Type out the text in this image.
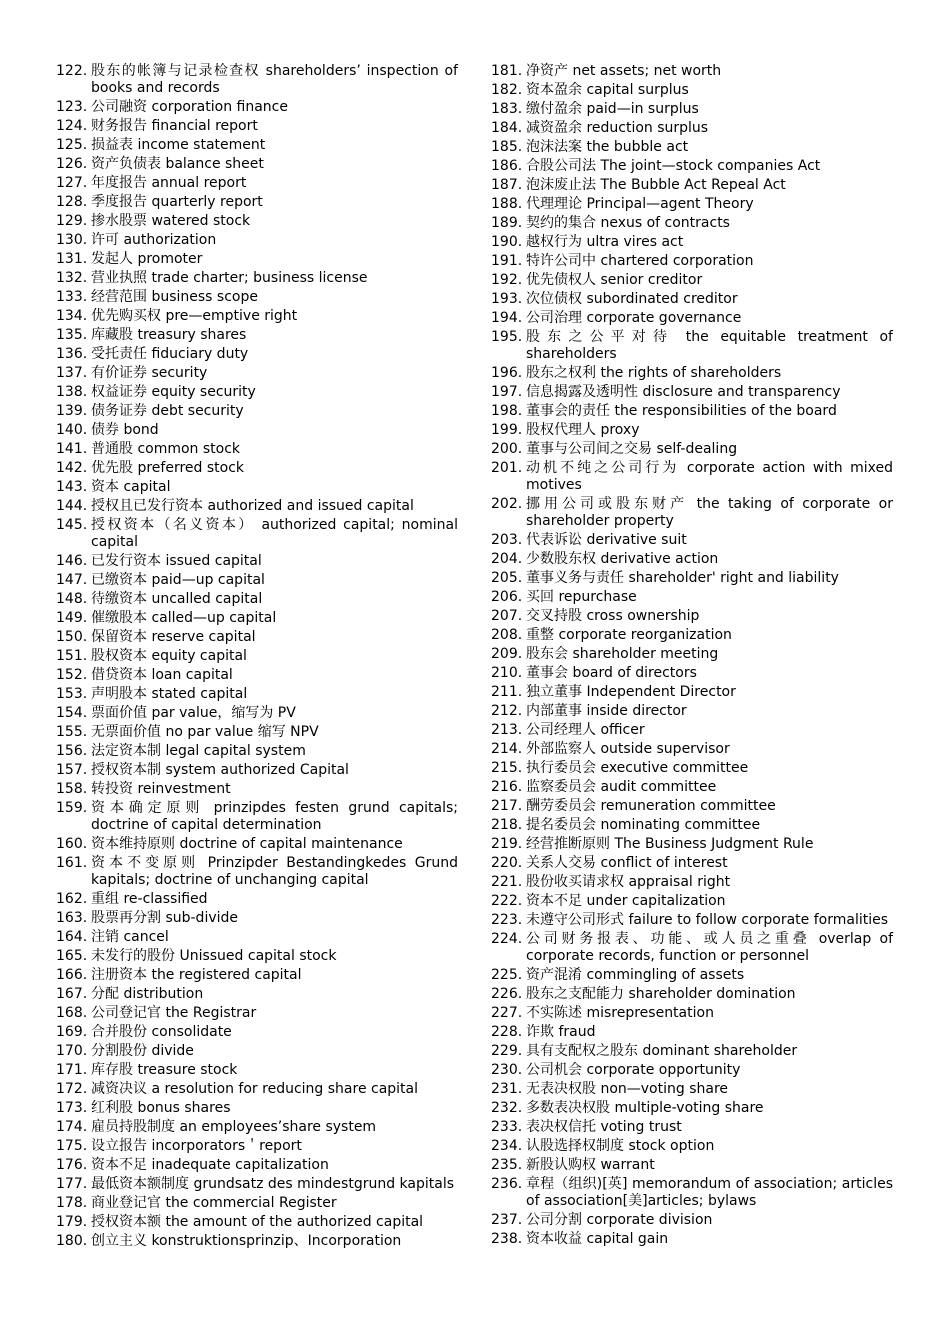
122. 股东的帐簿与记录检查权 shareholders’ inspection of books and records
123. 公司融资 corporation finance
124. 财务报告 financial report
125. 损益表 income statement
126. 资产负债表 balance sheet
127. 年度报告 annual report
128. 季度报告 quarterly report
129. 掺水股票 watered stock
130. 许可 authorization
131. 发起人 promoter
132. 营业执照 trade charter; business license
133. 经营范围 business scope
134. 优先购买权 pre—emptive right
135. 库藏股 treasury shares
136. 受托责任 fiduciary duty
137. 有价证券 security
138. 权益证券 equity security
139. 债务证券 debt security
140. 债券 bond
141. 普通股 common stock
142. 优先股 preferred stock
143. 资本 capital
144. 授权且已发行资本 authorized and issued capital
145. 授权资本（名义资本） authorized capital; nominal capital
146. 已发行资本 issued capital
147. 已缴资本 paid—up capital
148. 待缴资本 uncalled capital
149. 催缴股本 called—up capital
150. 保留资本 reserve capital
151. 股权资本 equity capital
152. 借贷资本 loan capital
153. 声明股本 stated capital
154. 票面价值 par value，缩写为 PV
155. 无票面价值 no par value 缩写 NPV
156. 法定资本制 legal capital system
157. 授权资本制 system authorized Capital
158. 转投资 reinvestment
159. 资本确定原则 prinzipdes festen grund capitals; doctrine of capital determination
160. 资本维持原则 doctrine of capital maintenance
161. 资本不变原则 Prinzipder Bestandingkedes Grund kapitals; doctrine of unchanging capital
162. 重组 re-classified
163. 股票再分割 sub-divide
164. 注销 cancel
165. 未发行的股份 Unissued capital stock
166. 注册资本 the registered capital
167. 分配 distribution
168. 公司登记官 the Registrar
169. 合并股份 consolidate
170. 分割股份 divide
171. 库存股 treasure stock
172. 减资决议 a resolution for reducing share capital
173. 红利股 bonus shares
174. 雇员持股制度 an employees’share system
175. 设立报告 incorporators＇report
176. 资本不足 inadequate capitalization
177. 最低资本额制度 grundsatz des mindestgrund kapitals
178. 商业登记官 the commercial Register
179. 授权资本额 the amount of the authorized capital
180. 创立主义 konstruktionsprinzip、Incorporation
181. 净资产 net assets; net worth
182. 资本盈余 capital surplus
183. 缴付盈余 paid—in surplus
184. 减资盈余 reduction surplus
185. 泡沫法案 the bubble act
186. 合股公司法 The joint—stock companies Act
187. 泡沫废止法 The Bubble Act Repeal Act
188. 代理理论 Principal—agent Theory
189. 契约的集合 nexus of contracts
190. 越权行为 ultra vires act
191. 特许公司中 chartered corporation
192. 优先债权人 senior creditor
193. 次位债权 subordinated creditor
194. 公司治理 corporate governance
195. 股东之公平对待 the equitable treatment of shareholders
196. 股东之权利 the rights of shareholders
197. 信息揭露及透明性 disclosure and transparency
198. 董事会的责任 the responsibilities of the board
199. 股权代理人 proxy
200. 董事与公司间之交易 self-dealing
201. 动机不纯之公司行为 corporate action with mixed motives
202. 挪用公司或股东财产 the taking of corporate or shareholder property
203. 代表诉讼 derivative suit
204. 少数股东权 derivative action
205. 董事义务与责任 shareholder' right and liability
206. 买回 repurchase
207. 交叉持股 cross ownership
208. 重整 corporate reorganization
209. 股东会 shareholder meeting
210. 董事会 board of directors
211. 独立董事 Independent Director
212. 内部董事 inside director
213. 公司经理人 officer
214. 外部监察人 outside supervisor
215. 执行委员会 executive committee
216. 监察委员会 audit committee
217. 酬劳委员会 remuneration committee
218. 提名委员会 nominating committee
219. 经营推断原则 The Business Judgment Rule
220. 关系人交易 conflict of interest
221. 股份收买请求权 appraisal right
222. 资本不足 under capitalization
223. 未遵守公司形式 failure to follow corporate formalities
224. 公司财务报表、功能、或人员之重叠 overlap of corporate records, function or personnel
225. 资产混淆 commingling of assets
226. 股东之支配能力 shareholder domination
227. 不实陈述 misrepresentation
228. 诈欺 fraud
229. 具有支配权之股东 dominant shareholder
230. 公司机会 corporate opportunity
231. 无表决权股 non—voting share
232. 多数表决权股 multiple-voting share
233. 表决权信托 voting trust
234. 认股选择权制度 stock option
235. 新股认购权 warrant
236. 章程（组织)[英] memorandum of association; articles of association[美]articles; bylaws
237. 公司分割 corporate division
238. 资本收益 capital gain
